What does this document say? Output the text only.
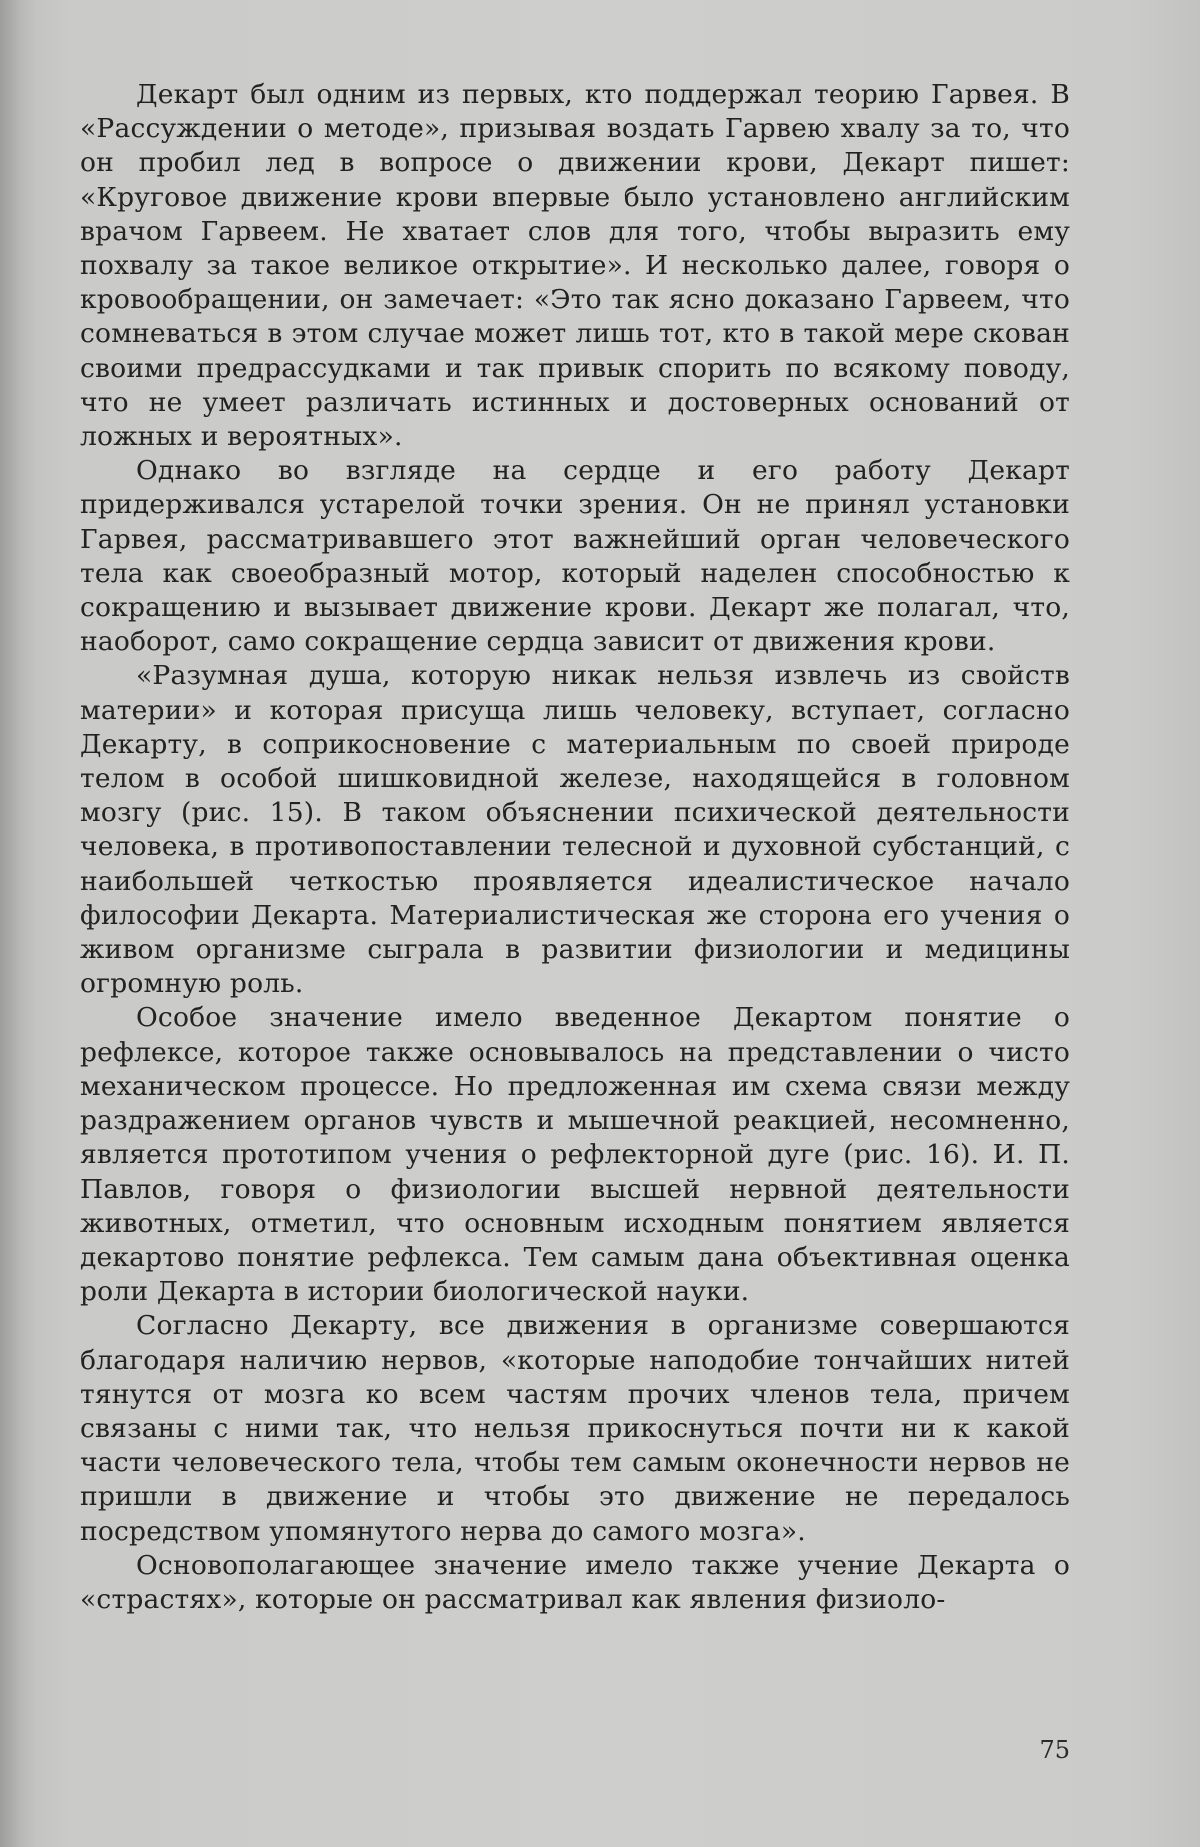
Декарт был одним из первых, кто поддержал теорию Гарвея. В «Рассуждении о методе», призывая воздать Гарвею хвалу за то, что он пробил лед в вопросе о движении крови, Декарт пишет: «Круговое движение крови впервые было установлено английским врачом Гарвеем. Не хватает слов для того, чтобы выразить ему похвалу за такое великое открытие». И несколько далее, говоря о кровообращении, он замечает: «Это так ясно доказано Гарвеем, что сомневаться в этом случае может лишь тот, кто в такой мере скован своими предрассудками и так привык спорить по всякому поводу, что не умеет различать истинных и достоверных оснований от ложных и вероятных».

Однако во взгляде на сердце и его работу Декарт придерживался устарелой точки зрения. Он не принял установки Гарвея, рассматривавшего этот важнейший орган человеческого тела как своеобразный мотор, который наделен способностью к сокращению и вызывает движение крови. Декарт же полагал, что, наоборот, само сокращение сердца зависит от движения крови.

«Разумная душа, которую никак нельзя извлечь из свойств материи» и которая присуща лишь человеку, вступает, согласно Декарту, в соприкосновение с материальным по своей природе телом в особой шишковидной железе, находящейся в головном мозгу (рис. 15). В таком объяснении психической деятельности человека, в противопоставлении телесной и духовной субстанций, с наибольшей четкостью проявляется идеалистическое начало философии Декарта. Материалистическая же сторона его учения о живом организме сыграла в развитии физиологии и медицины огромную роль.

Особое значение имело введенное Декартом понятие о рефлексе, которое также основывалось на представлении о чисто механическом процессе. Но предложенная им схема связи между раздражением органов чувств и мышечной реакцией, несомненно, является прототипом учения о рефлекторной дуге (рис. 16). И. П. Павлов, говоря о физиологии высшей нервной деятельности животных, отметил, что основным исходным понятием является декартово понятие рефлекса. Тем самым дана объективная оценка роли Декарта в истории биологической науки.

Согласно Декарту, все движения в организме совершаются благодаря наличию нервов, «которые наподобие тончайших нитей тянутся от мозга ко всем частям прочих членов тела, причем связаны с ними так, что нельзя прикоснуться почти ни к какой части человеческого тела, чтобы тем самым оконечности нервов не пришли в движение и чтобы это движение не передалось посредством упомянутого нерва до самого мозга».

Основополагающее значение имело также учение Декарта о «страстях», которые он рассматривал как явления физиоло-

75
